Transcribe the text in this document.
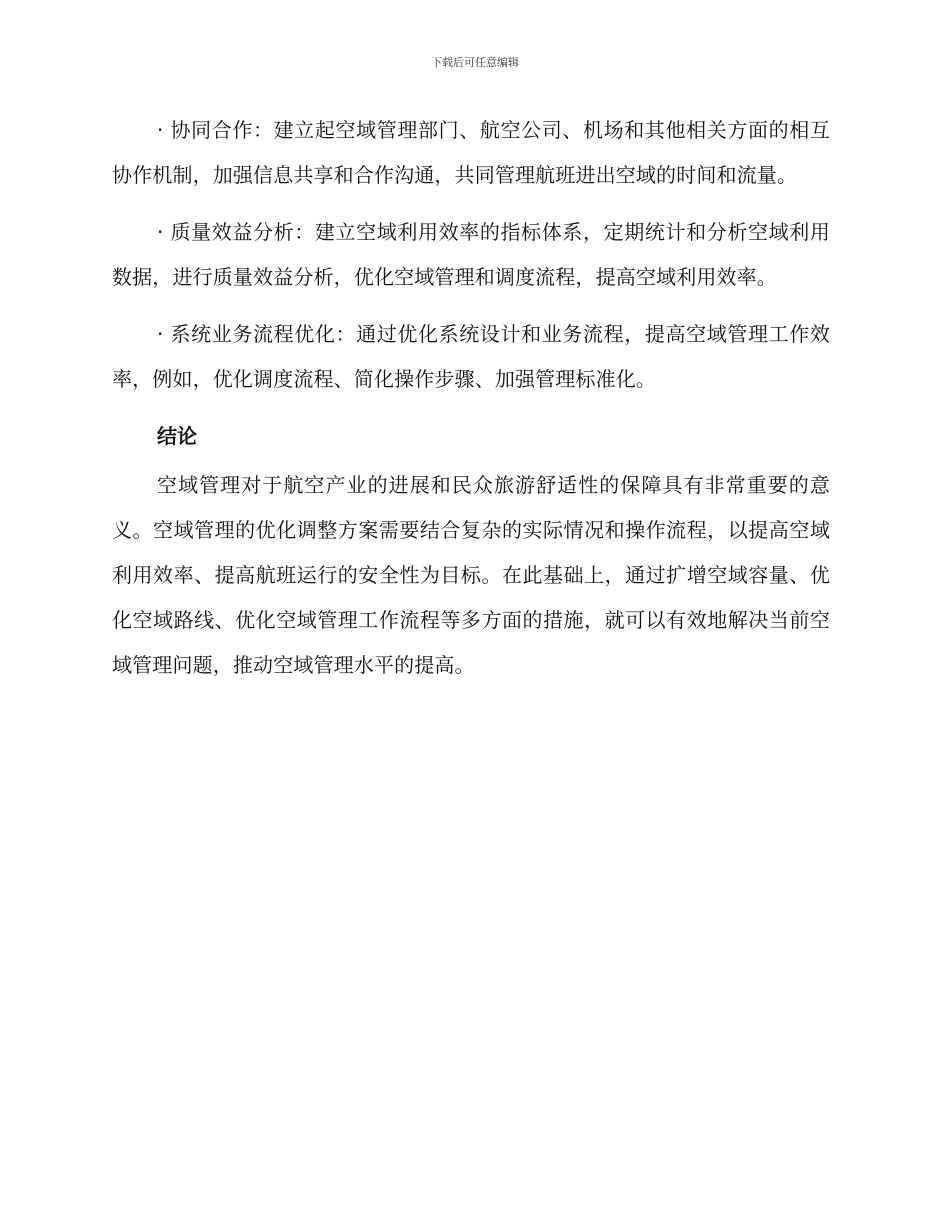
下载后可任意编辑

· 协同合作：建立起空域管理部门、航空公司、机场和其他相关方面的相互协作机制，加强信息共享和合作沟通，共同管理航班进出空域的时间和流量。

· 质量效益分析：建立空域利用效率的指标体系，定期统计和分析空域利用数据，进行质量效益分析，优化空域管理和调度流程，提高空域利用效率。

· 系统业务流程优化：通过优化系统设计和业务流程，提高空域管理工作效率，例如，优化调度流程、简化操作步骤、加强管理标准化。

结论

空域管理对于航空产业的进展和民众旅游舒适性的保障具有非常重要的意义。空域管理的优化调整方案需要结合复杂的实际情况和操作流程，以提高空域利用效率、提高航班运行的安全性为目标。在此基础上，通过扩增空域容量、优化空域路线、优化空域管理工作流程等多方面的措施，就可以有效地解决当前空域管理问题，推动空域管理水平的提高。
